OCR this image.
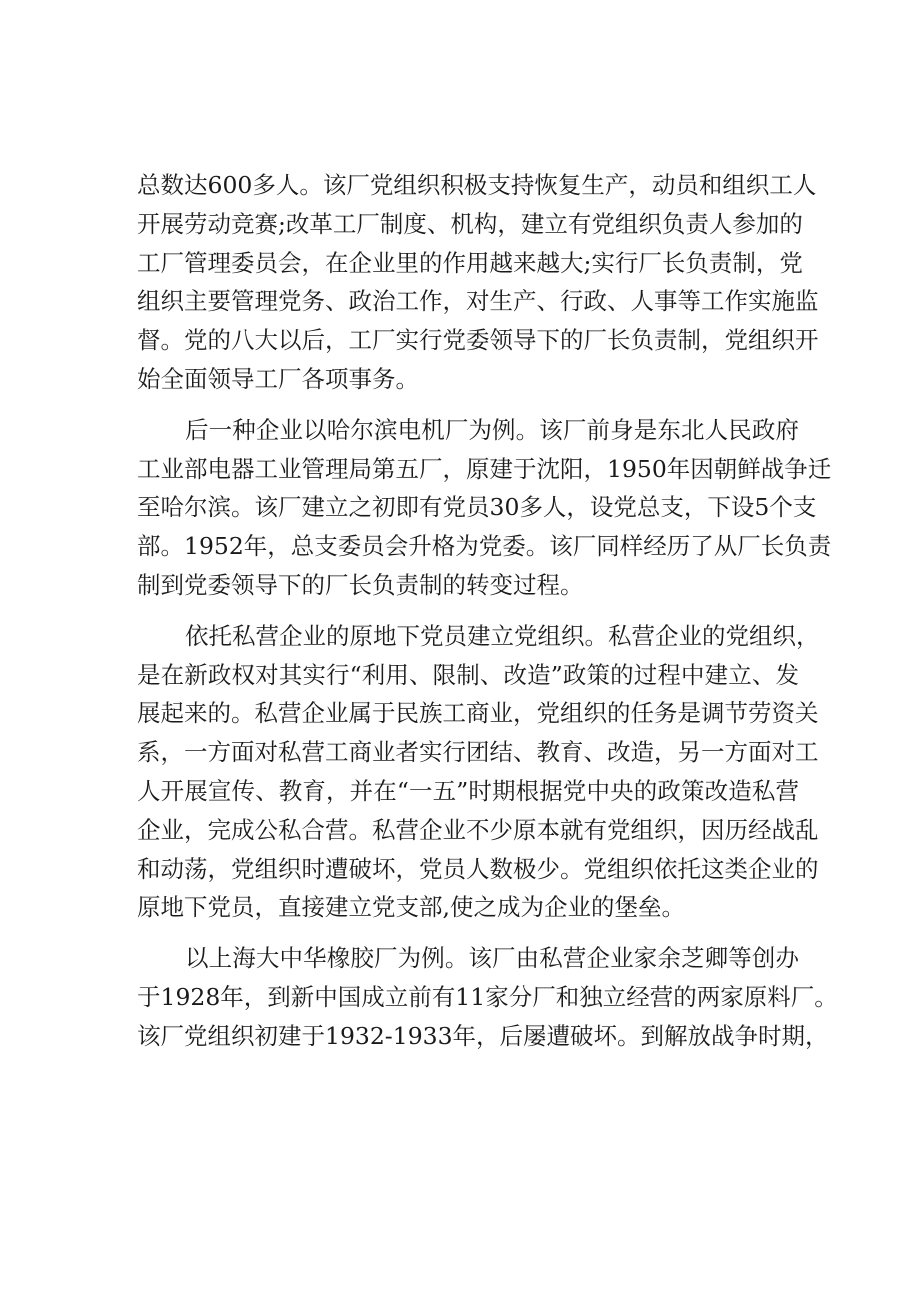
总数达600多人。该厂党组织积极支持恢复生产，动员和组织工人
开展劳动竞赛;改革工厂制度、机构，建立有党组织负责人参加的
工厂管理委员会，在企业里的作用越来越大;实行厂长负责制，党
组织主要管理党务、政治工作，对生产、行政、人事等工作实施监
督。党的八大以后，工厂实行党委领导下的厂长负责制，党组织开
始全面领导工厂各项事务。
后一种企业以哈尔滨电机厂为例。该厂前身是东北人民政府
工业部电器工业管理局第五厂，原建于沈阳，1950年因朝鲜战争迁
至哈尔滨。该厂建立之初即有党员30多人，设党总支，下设5个支
部。1952年，总支委员会升格为党委。该厂同样经历了从厂长负责
制到党委领导下的厂长负责制的转变过程。
依托私营企业的原地下党员建立党组织。私营企业的党组织，
是在新政权对其实行“利用、限制、改造”政策的过程中建立、发
展起来的。私营企业属于民族工商业，党组织的任务是调节劳资关
系，一方面对私营工商业者实行团结、教育、改造，另一方面对工
人开展宣传、教育，并在“一五”时期根据党中央的政策改造私营
企业，完成公私合营。私营企业不少原本就有党组织，因历经战乱
和动荡，党组织时遭破坏，党员人数极少。党组织依托这类企业的
原地下党员，直接建立党支部,使之成为企业的堡垒。
以上海大中华橡胶厂为例。该厂由私营企业家余芝卿等创办
于1928年，到新中国成立前有11家分厂和独立经营的两家原料厂。
该厂党组织初建于1932-1933年，后屡遭破坏。到解放战争时期，
